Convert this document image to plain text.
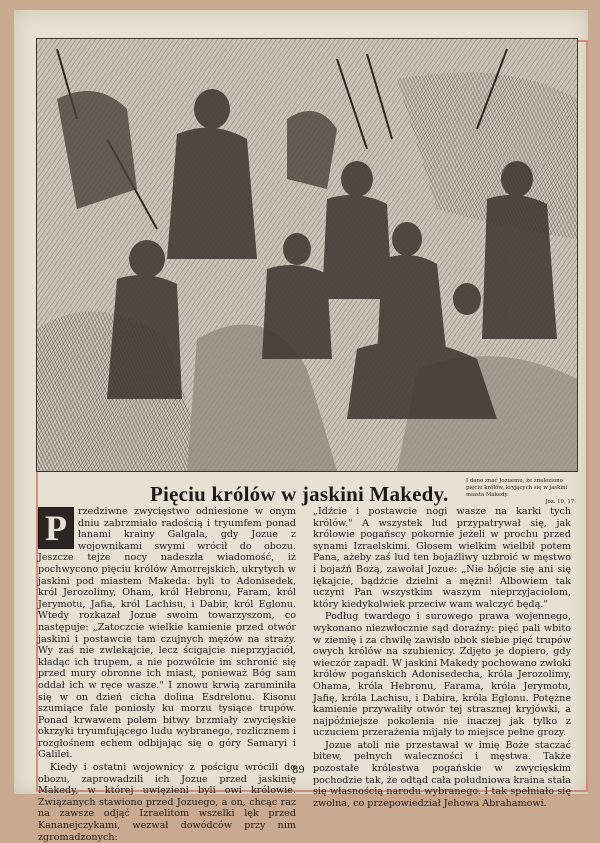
Pięciu królów w jaskini Makedy.
I dano znać Jozuemu, że znaleziono pięciu królów, kryjących się w jaskini miasta Makedy.
Joz. 10, 17.

P	rzedziwne zwycięstwo odniesione w onym dniu zabrzmiało radością i tryumfem ponad łanami krainy Galgala, gdy Jozue z wojownikami swymi wrócił do obozu. Jeszcze tejże nocy nadeszła wiadomość, iż pochwycono pięciu królów Amorrejskich, ukrytych w jaskini pod miastem Makeda: byli to Adonisedek, król Jerozolimy, Oham, król Hebronu, Faram, król Jerymotu, Jafia, król Lachisu, i Dabir, król Eglonu. Wtedy rozkazał Jozue swoim towarzyszom, co następuje: „Zatoczcie wielkie kamienie przed otwór jaskini i postawcie tam czujnych mężów na straży. Wy zaś nie zwlekajcie, lecz ścigajcie nieprzyjaciół, kładąc ich trupem, a nie pozwólcie im schronić się przed mury obronne ich miast, ponieważ Bóg sam oddał ich w ręce wasze." I znowu krwią zaruminiła się w on dzień cicha dolina Esdrelonu. Kisonu szumiące fale poniosły ku morzu tysiące trupów. Ponad krwawem polem bitwy brzmiały zwycięskie okrzyki tryumfującego ludu wybranego, rozlicznem i rozgłośnem echem odbijając się o góry Samaryi i Galilei.

Kiedy i ostatni wojownicy z pościgu wrócili do obozu, zaprowadzili ich Jozue przed jaskinię Makedy, w której uwięzieni byli owi królowie. Związanych stawiono przed Jozuego, a on, chcąc raz na zawsze odjąć Izraelitom wszelki lęk przed Kananejczykami, wezwał dowódców przy nim zgromadzonych:

„Idźcie i postawcie nogi wasze na karki tych królów." A wszystek lud przypatrywał się, jak królowie pogańscy pokornie jeżeli w prochu przed synami Izraelskimi. Głosem wielkim wielbił potem Pana, ażeby zaś lud ten bojaźliwy uzbroić w męstwo i bojaźń Bożą, zawołał Jozue: „Nie bójcie się ani się lękajcie, bądźcie dzielni a mężni! Albowiem tak uczyni Pan wszystkim waszym nieprzyjaciołom, który kiedykolwiek przeciw wam walczyć będą."

Podług twardego i surowego prawa wojennego, wykonano niezwłocznie sąd doraźny: pięć pali wbito w ziemię i za chwilę zawisło obok siebie pięć trupów owych królów na szubienicy. Zdjęto je dopiero, gdy wieczór zapadł. W jaskini Makedy pochowano zwłoki królów pogańskich Adonisedecha, króla Jerozolimy, Ohama, króla Hebronu, Farama, króla Jerymotu, Jafię, króla Lachisu, i Dabira, króla Eglonu. Potężne kamienie przywaliły otwór tej strasznej kryjówki, a najpóźniejsze pokolenia nie inaczej jak tylko z uczuciem przerażenia mijały to miejsce pełne grozy.

Jozue atoli nie przestawał w imię Boże staczać bitew, pełnych waleczności i męstwa. Także pozostałe królestwa pogańskie w zwycięskim pochodzie tak, że odtąd cała południowa kraina stała się własnością narodu wybranego. I tak spełniało się zwolna, co przepowiedział Jehowa Abrahamowi.

89
